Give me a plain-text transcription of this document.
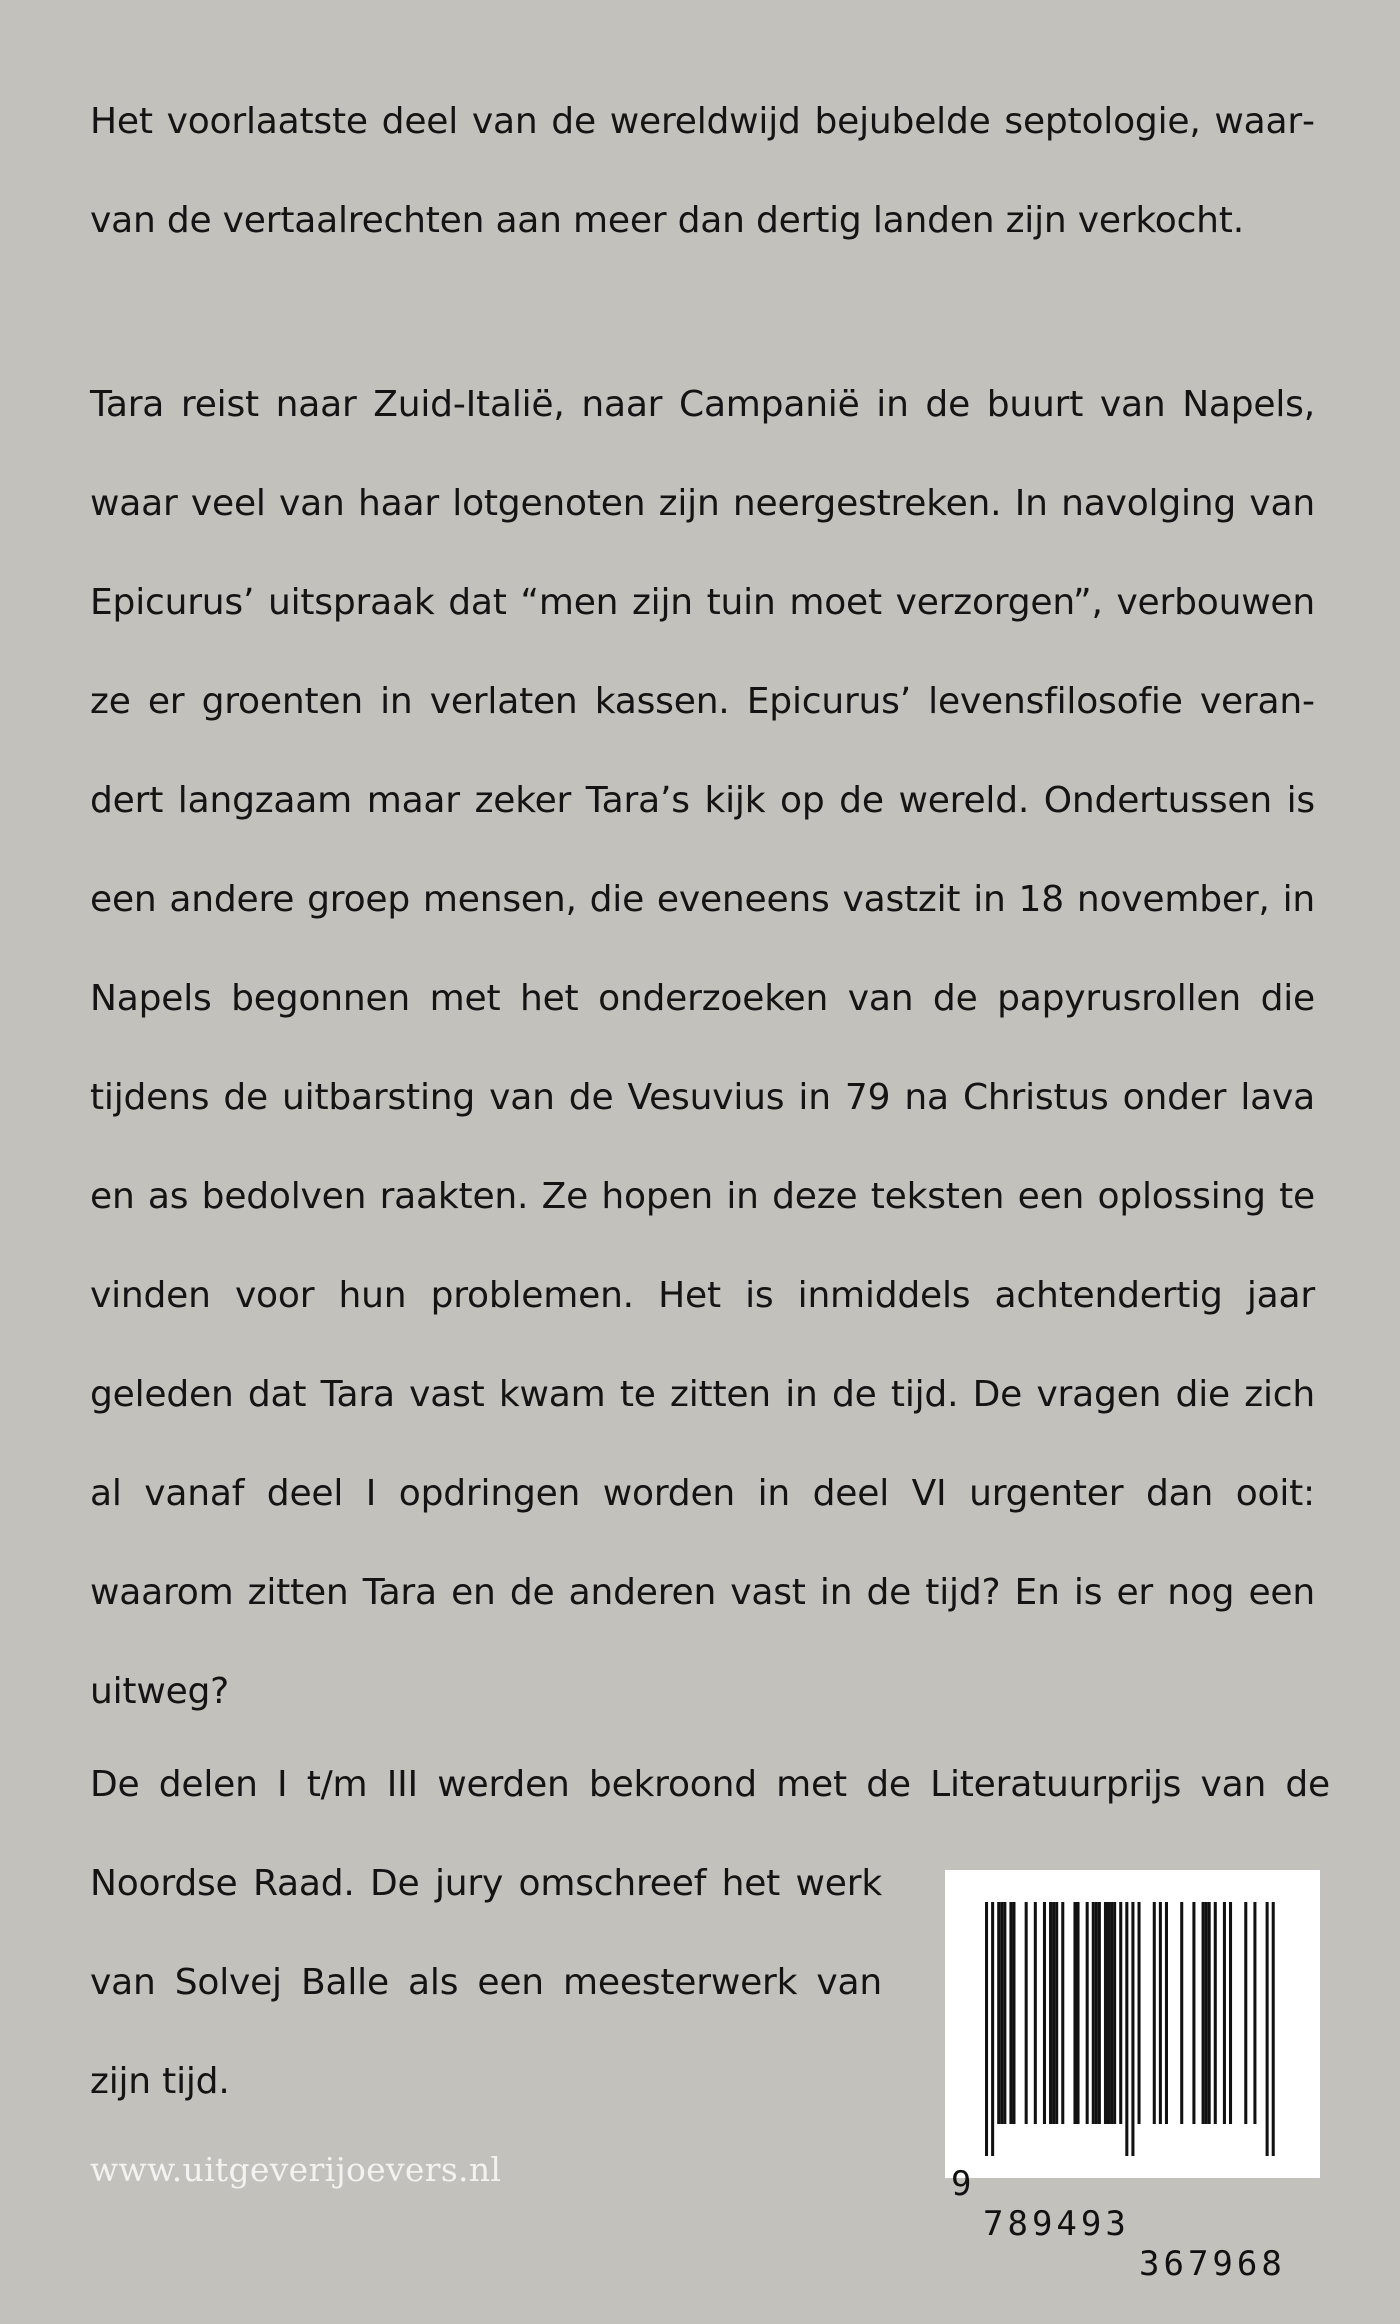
Het voorlaatste deel van de wereldwijd bejubelde septologie, waarvan de vertaalrechten aan meer dan dertig landen zijn verkocht.

Tara reist naar Zuid-Italië, naar Campanië in de buurt van Napels, waar veel van haar lotgenoten zijn neergestreken. In navolging van Epicurus’ uitspraak dat “men zijn tuin moet verzorgen”, verbouwen ze er groenten in verlaten kassen. Epicurus’ levensfilosofie verandert langzaam maar zeker Tara’s kijk op de wereld. Ondertussen is een andere groep mensen, die eveneens vastzit in 18 november, in Napels begonnen met het onderzoeken van de papyrusrollen die tijdens de uitbarsting van de Vesuvius in 79 na Christus onder lava en as bedolven raakten. Ze hopen in deze teksten een oplossing te vinden voor hun problemen. Het is inmiddels achtendertig jaar geleden dat Tara vast kwam te zitten in de tijd. De vragen die zich al vanaf deel I opdringen worden in deel VI urgenter dan ooit: waarom zitten Tara en de anderen vast in de tijd? En is er nog een uitweg?

De delen I t/m III werden bekroond met de Literatuurprijs van de
Noordse Raad. De jury omschreef het werk
van Solvej Balle als een meesterwerk van
zijn tijd.
www.uitgeverijoevers.nl

	9

789493

367968
